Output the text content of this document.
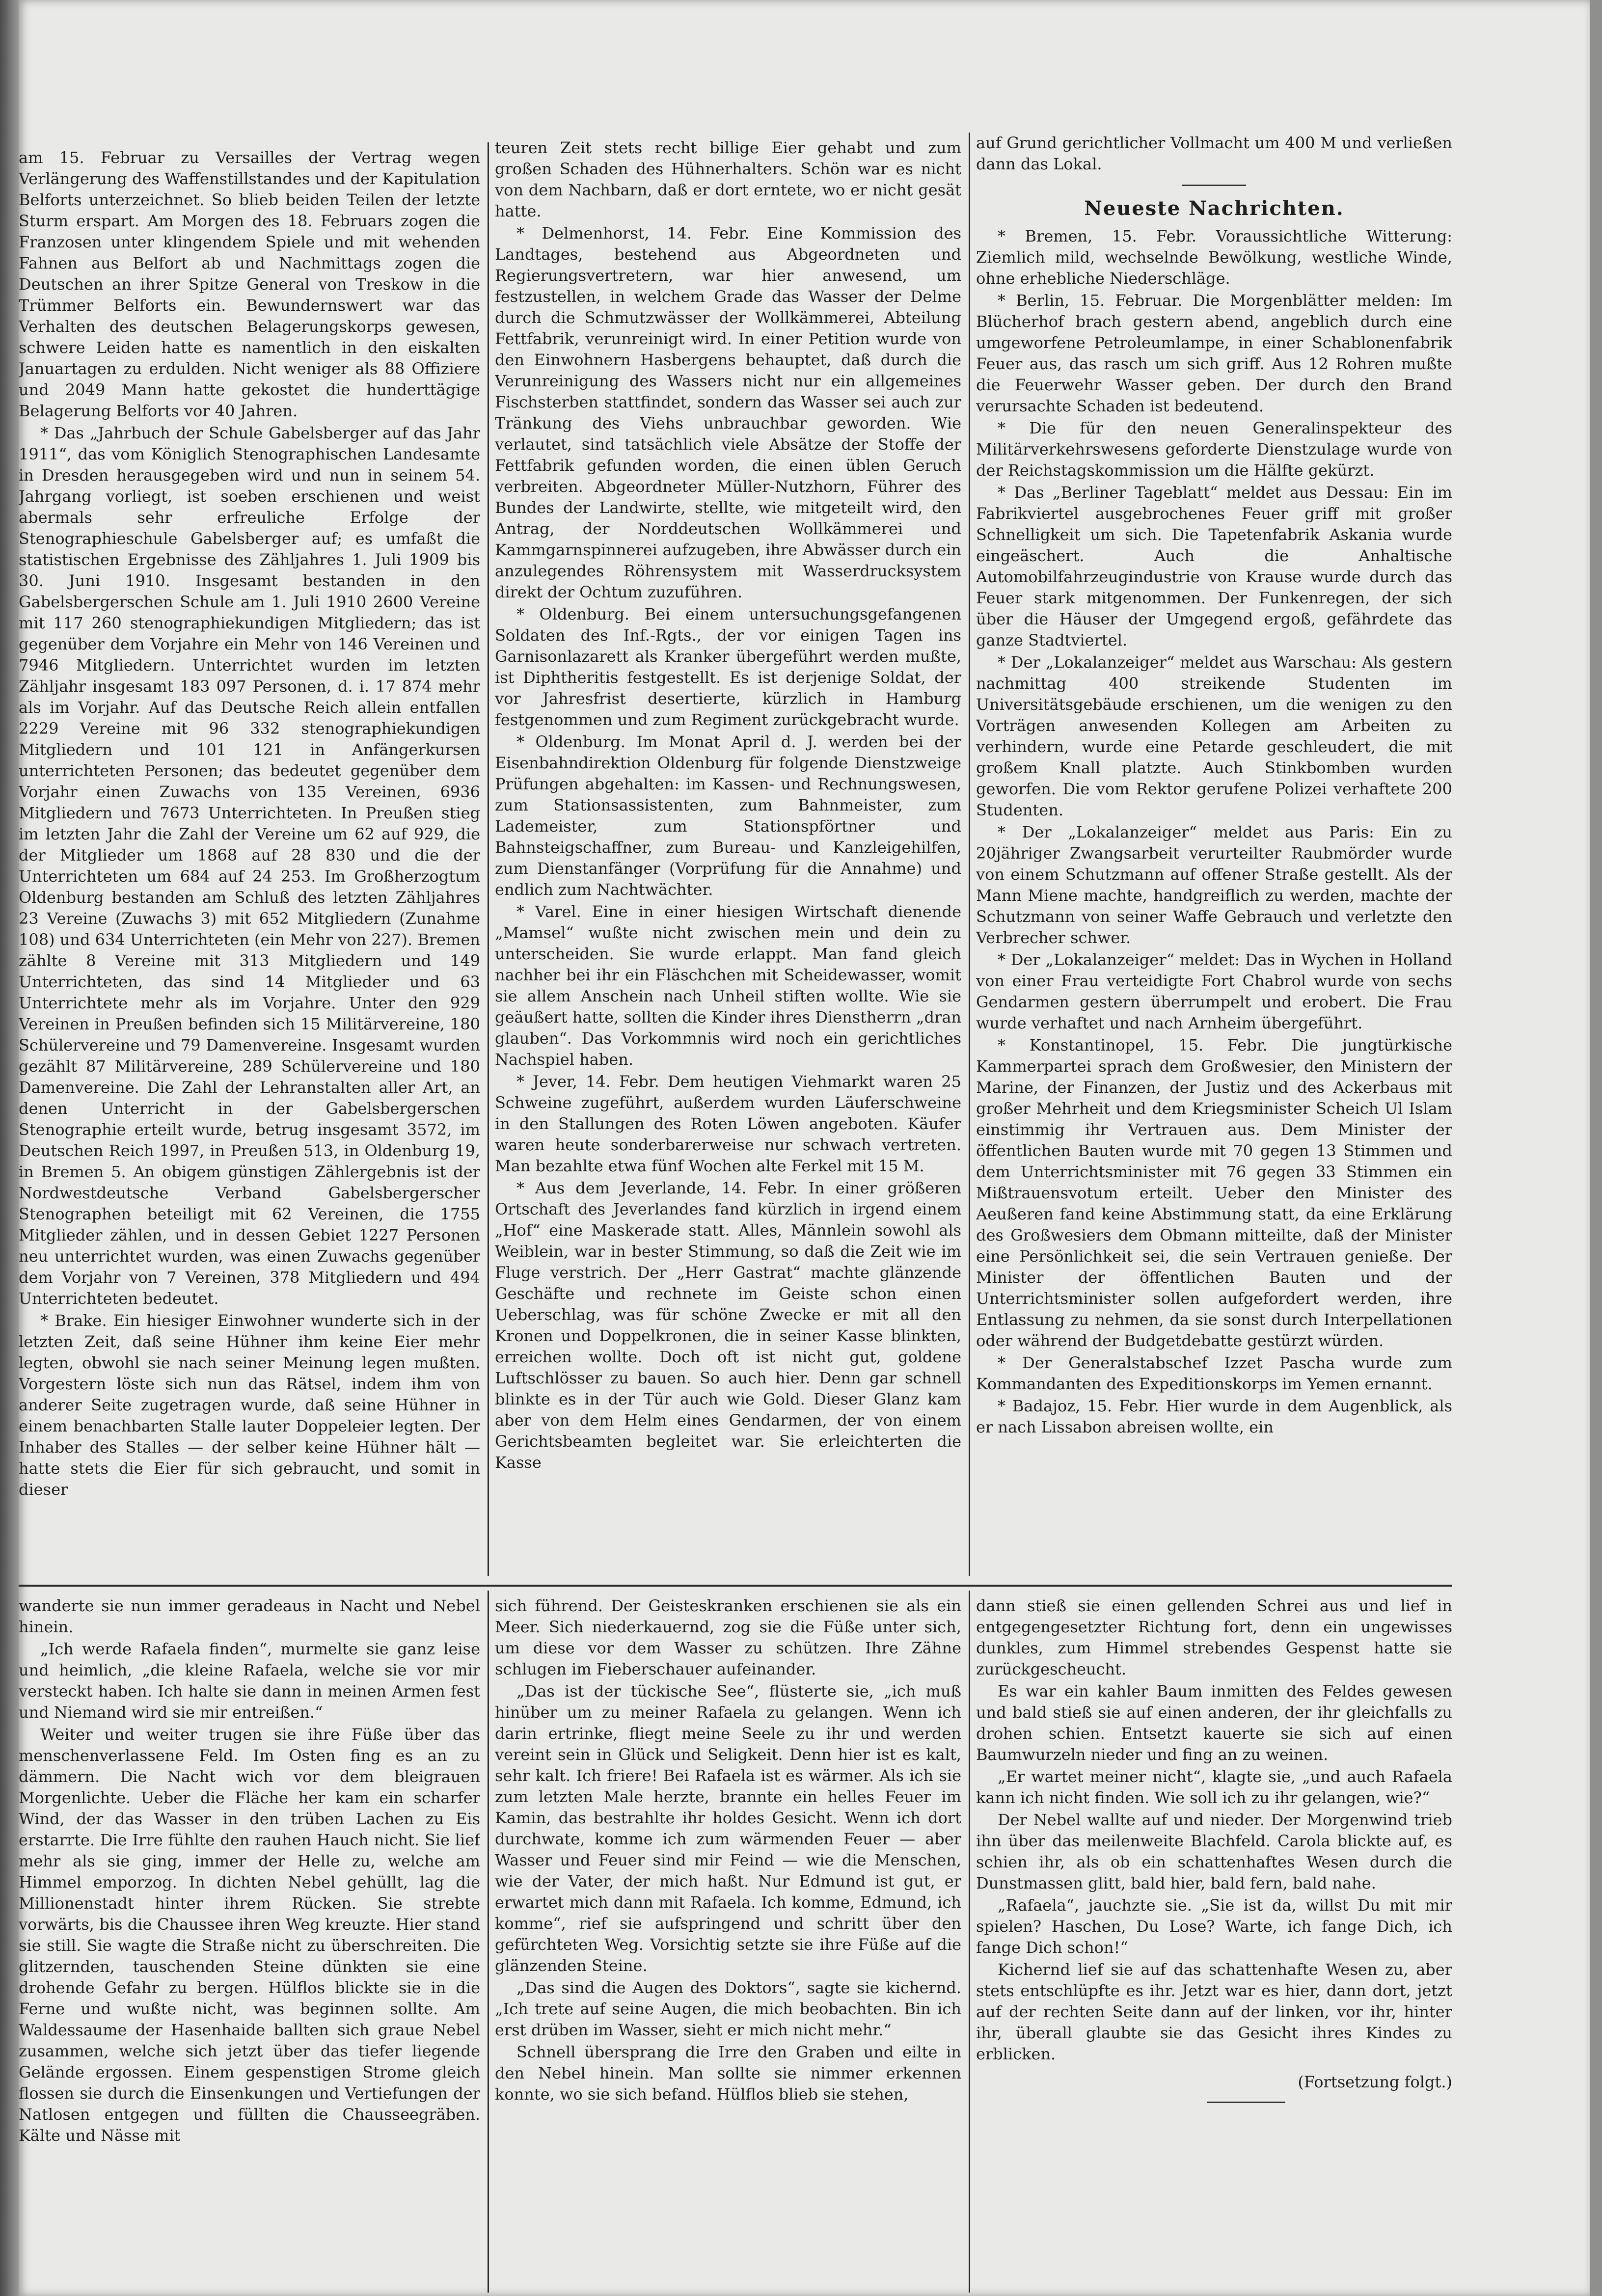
am 15. Februar zu Versailles der Vertrag wegen Verlängerung des Waffenstillstandes und der Kapitulation Belforts unterzeichnet. So blieb beiden Teilen der letzte Sturm erspart. Am Morgen des 18. Februars zogen die Franzosen unter klingendem Spiele und mit wehenden Fahnen aus Belfort ab und Nachmittags zogen die Deutschen an ihrer Spitze General von Treskow in die Trümmer Belforts ein. Bewundernswert war das Verhalten des deutschen Belagerungskorps gewesen, schwere Leiden hatte es namentlich in den eiskalten Januartagen zu erdulden. Nicht weniger als 88 Offiziere und 2049 Mann hatte gekostet die hunderttägige Belagerung Belforts vor 40 Jahren.

* Das „Jahrbuch der Schule Gabelsberger auf das Jahr 1911“, das vom Königlich Stenographischen Landesamte in Dresden herausgegeben wird und nun in seinem 54. Jahrgang vorliegt, ist soeben erschienen und weist abermals sehr erfreuliche Erfolge der Stenographieschule Gabelsberger auf; es umfaßt die statistischen Ergebnisse des Zähljahres 1. Juli 1909 bis 30. Juni 1910. Insgesamt bestanden in den Gabelsbergerschen Schule am 1. Juli 1910 2600 Vereine mit 117 260 stenographiekundigen Mitgliedern; das ist gegenüber dem Vorjahre ein Mehr von 146 Vereinen und 7946 Mitgliedern. Unterrichtet wurden im letzten Zähljahr insgesamt 183 097 Personen, d. i. 17 874 mehr als im Vorjahr. Auf das Deutsche Reich allein entfallen 2229 Vereine mit 96 332 stenographiekundigen Mitgliedern und 101 121 in Anfängerkursen unterrichteten Personen; das bedeutet gegenüber dem Vorjahr einen Zuwachs von 135 Vereinen, 6936 Mitgliedern und 7673 Unterrichteten. In Preußen stieg im letzten Jahr die Zahl der Vereine um 62 auf 929, die der Mitglieder um 1868 auf 28 830 und die der Unterrichteten um 684 auf 24 253. Im Großherzogtum Oldenburg bestanden am Schluß des letzten Zähljahres 23 Vereine (Zuwachs 3) mit 652 Mitgliedern (Zunahme 108) und 634 Unterrichteten (ein Mehr von 227). Bremen zählte 8 Vereine mit 313 Mitgliedern und 149 Unterrichteten, das sind 14 Mitglieder und 63 Unterrichtete mehr als im Vorjahre. Unter den 929 Vereinen in Preußen befinden sich 15 Militärvereine, 180 Schülervereine und 79 Damenvereine. Insgesamt wurden gezählt 87 Militärvereine, 289 Schülervereine und 180 Damenvereine. Die Zahl der Lehranstalten aller Art, an denen Unterricht in der Gabelsbergerschen Stenographie erteilt wurde, betrug insgesamt 3572, im Deutschen Reich 1997, in Preußen 513, in Oldenburg 19, in Bremen 5. An obigem günstigen Zählergebnis ist der Nordwestdeutsche Verband Gabelsbergerscher Stenographen beteiligt mit 62 Vereinen, die 1755 Mitglieder zählen, und in dessen Gebiet 1227 Personen neu unterrichtet wurden, was einen Zuwachs gegenüber dem Vorjahr von 7 Vereinen, 378 Mitgliedern und 494 Unterrichteten bedeutet.

* Brake. Ein hiesiger Einwohner wunderte sich in der letzten Zeit, daß seine Hühner ihm keine Eier mehr legten, obwohl sie nach seiner Meinung legen mußten. Vorgestern löste sich nun das Rätsel, indem ihm von anderer Seite zugetragen wurde, daß seine Hühner in einem benachbarten Stalle lauter Doppeleier legten. Der Inhaber des Stalles — der selber keine Hühner hält — hatte stets die Eier für sich gebraucht, und somit in dieser

teuren Zeit stets recht billige Eier gehabt und zum großen Schaden des Hühnerhalters. Schön war es nicht von dem Nachbarn, daß er dort erntete, wo er nicht gesät hatte.

* Delmenhorst, 14. Febr. Eine Kommission des Landtages, bestehend aus Abgeordneten und Regierungsvertretern, war hier anwesend, um festzustellen, in welchem Grade das Wasser der Delme durch die Schmutzwässer der Wollkämmerei, Abteilung Fettfabrik, verunreinigt wird. In einer Petition wurde von den Einwohnern Hasbergens behauptet, daß durch die Verunreinigung des Wassers nicht nur ein allgemeines Fischsterben stattfindet, sondern das Wasser sei auch zur Tränkung des Viehs unbrauchbar geworden. Wie verlautet, sind tatsächlich viele Absätze der Stoffe der Fettfabrik gefunden worden, die einen üblen Geruch verbreiten. Abgeordneter Müller-Nutzhorn, Führer des Bundes der Landwirte, stellte, wie mitgeteilt wird, den Antrag, der Norddeutschen Wollkämmerei und Kammgarnspinnerei aufzugeben, ihre Abwässer durch ein anzulegendes Röhrensystem mit Wasserdrucksystem direkt der Ochtum zuzuführen.

* Oldenburg. Bei einem untersuchungsgefangenen Soldaten des Inf.-Rgts., der vor einigen Tagen ins Garnisonlazarett als Kranker übergeführt werden mußte, ist Diphtheritis festgestellt. Es ist derjenige Soldat, der vor Jahresfrist desertierte, kürzlich in Hamburg festgenommen und zum Regiment zurückgebracht wurde.

* Oldenburg. Im Monat April d. J. werden bei der Eisenbahndirektion Oldenburg für folgende Dienstzweige Prüfungen abgehalten: im Kassen- und Rechnungswesen, zum Stationsassistenten, zum Bahnmeister, zum Lademeister, zum Stationspförtner und Bahnsteigschaffner, zum Bureau- und Kanzleigehilfen, zum Dienstanfänger (Vorprüfung für die Annahme) und endlich zum Nachtwächter.

* Varel. Eine in einer hiesigen Wirtschaft dienende „Mamsel“ wußte nicht zwischen mein und dein zu unterscheiden. Sie wurde erlappt. Man fand gleich nachher bei ihr ein Fläschchen mit Scheidewasser, womit sie allem Anschein nach Unheil stiften wollte. Wie sie geäußert hatte, sollten die Kinder ihres Dienstherrn „dran glauben“. Das Vorkommnis wird noch ein gerichtliches Nachspiel haben.

* Jever, 14. Febr. Dem heutigen Viehmarkt waren 25 Schweine zugeführt, außerdem wurden Läuferschweine in den Stallungen des Roten Löwen angeboten. Käufer waren heute sonderbarerweise nur schwach vertreten. Man bezahlte etwa fünf Wochen alte Ferkel mit 15 M.

* Aus dem Jeverlande, 14. Febr. In einer größeren Ortschaft des Jeverlandes fand kürzlich in irgend einem „Hof“ eine Maskerade statt. Alles, Männlein sowohl als Weiblein, war in bester Stimmung, so daß die Zeit wie im Fluge verstrich. Der „Herr Gastrat“ machte glänzende Geschäfte und rechnete im Geiste schon einen Ueberschlag, was für schöne Zwecke er mit all den Kronen und Doppelkronen, die in seiner Kasse blinkten, erreichen wollte. Doch oft ist nicht gut, goldene Luftschlösser zu bauen. So auch hier. Denn gar schnell blinkte es in der Tür auch wie Gold. Dieser Glanz kam aber von dem Helm eines Gendarmen, der von einem Gerichtsbeamten begleitet war. Sie erleichterten die Kasse

auf Grund gerichtlicher Vollmacht um 400 M und verließen dann das Lokal.

Neueste Nachrichten.

* Bremen, 15. Febr. Voraussichtliche Witterung: Ziemlich mild, wechselnde Bewölkung, westliche Winde, ohne erhebliche Niederschläge.

* Berlin, 15. Februar. Die Morgenblätter melden: Im Blücherhof brach gestern abend, angeblich durch eine umgeworfene Petroleumlampe, in einer Schablonenfabrik Feuer aus, das rasch um sich griff. Aus 12 Rohren mußte die Feuerwehr Wasser geben. Der durch den Brand verursachte Schaden ist bedeutend.

* Die für den neuen Generalinspekteur des Militärverkehrswesens geforderte Dienstzulage wurde von der Reichstagskommission um die Hälfte gekürzt.

* Das „Berliner Tageblatt“ meldet aus Dessau: Ein im Fabrikviertel ausgebrochenes Feuer griff mit großer Schnelligkeit um sich. Die Tapetenfabrik Askania wurde eingeäschert. Auch die Anhaltische Automobilfahrzeugindustrie von Krause wurde durch das Feuer stark mitgenommen. Der Funkenregen, der sich über die Häuser der Umgegend ergoß, gefährdete das ganze Stadtviertel.

* Der „Lokalanzeiger“ meldet aus Warschau: Als gestern nachmittag 400 streikende Studenten im Universitätsgebäude erschienen, um die wenigen zu den Vorträgen anwesenden Kollegen am Arbeiten zu verhindern, wurde eine Petarde geschleudert, die mit großem Knall platzte. Auch Stinkbomben wurden geworfen. Die vom Rektor gerufene Polizei verhaftete 200 Studenten.

* Der „Lokalanzeiger“ meldet aus Paris: Ein zu 20jähriger Zwangsarbeit verurteilter Raubmörder wurde von einem Schutzmann auf offener Straße gestellt. Als der Mann Miene machte, handgreiflich zu werden, machte der Schutzmann von seiner Waffe Gebrauch und verletzte den Verbrecher schwer.

* Der „Lokalanzeiger“ meldet: Das in Wychen in Holland von einer Frau verteidigte Fort Chabrol wurde von sechs Gendarmen gestern überrumpelt und erobert. Die Frau wurde verhaftet und nach Arnheim übergeführt.

* Konstantinopel, 15. Febr. Die jungtürkische Kammerpartei sprach dem Großwesier, den Ministern der Marine, der Finanzen, der Justiz und des Ackerbaus mit großer Mehrheit und dem Kriegsminister Scheich Ul Islam einstimmig ihr Vertrauen aus. Dem Minister der öffentlichen Bauten wurde mit 70 gegen 13 Stimmen und dem Unterrichtsminister mit 76 gegen 33 Stimmen ein Mißtrauensvotum erteilt. Ueber den Minister des Aeußeren fand keine Abstimmung statt, da eine Erklärung des Großwesiers dem Obmann mitteilte, daß der Minister eine Persönlichkeit sei, die sein Vertrauen genieße. Der Minister der öffentlichen Bauten und der Unterrichtsminister sollen aufgefordert werden, ihre Entlassung zu nehmen, da sie sonst durch Interpellationen oder während der Budgetdebatte gestürzt würden.

* Der Generalstabschef Izzet Pascha wurde zum Kommandanten des Expeditionskorps im Yemen ernannt.

* Badajoz, 15. Febr. Hier wurde in dem Augenblick, als er nach Lissabon abreisen wollte, ein

wanderte sie nun immer geradeaus in Nacht und Nebel hinein.

„Ich werde Rafaela finden“, murmelte sie ganz leise und heimlich, „die kleine Rafaela, welche sie vor mir versteckt haben. Ich halte sie dann in meinen Armen fest und Niemand wird sie mir entreißen.“

Weiter und weiter trugen sie ihre Füße über das menschenverlassene Feld. Im Osten fing es an zu dämmern. Die Nacht wich vor dem bleigrauen Morgenlichte. Ueber die Fläche her kam ein scharfer Wind, der das Wasser in den trüben Lachen zu Eis erstarrte. Die Irre fühlte den rauhen Hauch nicht. Sie lief mehr als sie ging, immer der Helle zu, welche am Himmel emporzog. In dichten Nebel gehüllt, lag die Millionenstadt hinter ihrem Rücken. Sie strebte vorwärts, bis die Chaussee ihren Weg kreuzte. Hier stand sie still. Sie wagte die Straße nicht zu überschreiten. Die glitzernden, tauschenden Steine dünkten sie eine drohende Gefahr zu bergen. Hülflos blickte sie in die Ferne und wußte nicht, was beginnen sollte. Am Waldessaume der Hasenhaide ballten sich graue Nebel zusammen, welche sich jetzt über das tiefer liegende Gelände ergossen. Einem gespenstigen Strome gleich flossen sie durch die Einsenkungen und Vertiefungen der Natlosen entgegen und füllten die Chausseegräben. Kälte und Nässe mit

sich führend. Der Geisteskranken erschienen sie als ein Meer. Sich niederkauernd, zog sie die Füße unter sich, um diese vor dem Wasser zu schützen. Ihre Zähne schlugen im Fieberschauer aufeinander.

„Das ist der tückische See“, flüsterte sie, „ich muß hinüber um zu meiner Rafaela zu gelangen. Wenn ich darin ertrinke, fliegt meine Seele zu ihr und werden vereint sein in Glück und Seligkeit. Denn hier ist es kalt, sehr kalt. Ich friere! Bei Rafaela ist es wärmer. Als ich sie zum letzten Male herzte, brannte ein helles Feuer im Kamin, das bestrahlte ihr holdes Gesicht. Wenn ich dort durchwate, komme ich zum wärmenden Feuer — aber Wasser und Feuer sind mir Feind — wie die Menschen, wie der Vater, der mich haßt. Nur Edmund ist gut, er erwartet mich dann mit Rafaela. Ich komme, Edmund, ich komme“, rief sie aufspringend und schritt über den gefürchteten Weg. Vorsichtig setzte sie ihre Füße auf die glänzenden Steine.

„Das sind die Augen des Doktors“, sagte sie kichernd. „Ich trete auf seine Augen, die mich beobachten. Bin ich erst drüben im Wasser, sieht er mich nicht mehr.“

Schnell übersprang die Irre den Graben und eilte in den Nebel hinein. Man sollte sie nimmer erkennen konnte, wo sie sich befand. Hülflos blieb sie stehen,

dann stieß sie einen gellenden Schrei aus und lief in entgegengesetzter Richtung fort, denn ein ungewisses dunkles, zum Himmel strebendes Gespenst hatte sie zurückgescheucht.

Es war ein kahler Baum inmitten des Feldes gewesen und bald stieß sie auf einen anderen, der ihr gleichfalls zu drohen schien. Entsetzt kauerte sie sich auf einen Baumwurzeln nieder und fing an zu weinen.

„Er wartet meiner nicht“, klagte sie, „und auch Rafaela kann ich nicht finden. Wie soll ich zu ihr gelangen, wie?“

Der Nebel wallte auf und nieder. Der Morgenwind trieb ihn über das meilenweite Blachfeld. Carola blickte auf, es schien ihr, als ob ein schattenhaftes Wesen durch die Dunstmassen glitt, bald hier, bald fern, bald nahe.

„Rafaela“, jauchzte sie. „Sie ist da, willst Du mit mir spielen? Haschen, Du Lose? Warte, ich fange Dich, ich fange Dich schon!“

Kichernd lief sie auf das schattenhafte Wesen zu, aber stets entschlüpfte es ihr. Jetzt war es hier, dann dort, jetzt auf der rechten Seite dann auf der linken, vor ihr, hinter ihr, überall glaubte sie das Gesicht ihres Kindes zu erblicken.

(Fortsetzung folgt.)
